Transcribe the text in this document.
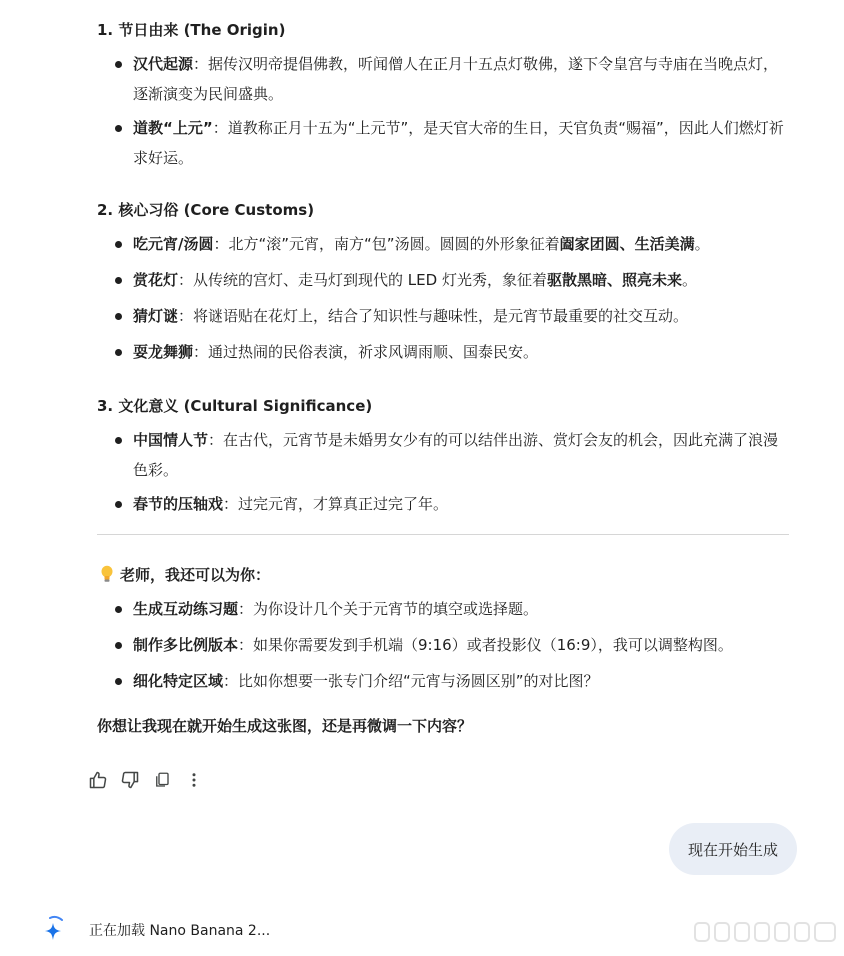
1. 节日由来 (The Origin)
汉代起源：据传汉明帝提倡佛教，听闻僧人在正月十五点灯敬佛，遂下令皇宫与寺庙在当晚点灯，逐渐演变为民间盛典。
道教“上元”：道教称正月十五为“上元节”，是天官大帝的生日，天官负责“赐福”，因此人们燃灯祈求好运。
2. 核心习俗 (Core Customs)
吃元宵/汤圆：北方“滚”元宵，南方“包”汤圆。圆圆的外形象征着阖家团圆、生活美满。
赏花灯：从传统的宫灯、走马灯到现代的 LED 灯光秀，象征着驱散黑暗、照亮未来。
猜灯谜：将谜语贴在花灯上，结合了知识性与趣味性，是元宵节最重要的社交互动。
耍龙舞狮：通过热闹的民俗表演，祈求风调雨顺、国泰民安。
3. 文化意义 (Cultural Significance)
中国情人节：在古代，元宵节是未婚男女少有的可以结伴出游、赏灯会友的机会，因此充满了浪漫色彩。
春节的压轴戏：过完元宵，才算真正过完了年。
老师，我还可以为你：
生成互动练习题：为你设计几个关于元宵节的填空或选择题。
制作多比例版本：如果你需要发到手机端（9:16）或者投影仪（16:9），我可以调整构图。
细化特定区域：比如你想要一张专门介绍“元宵与汤圆区别”的对比图？
你想让我现在就开始生成这张图，还是再微调一下内容？
现在开始生成
正在加载 Nano Banana 2...
